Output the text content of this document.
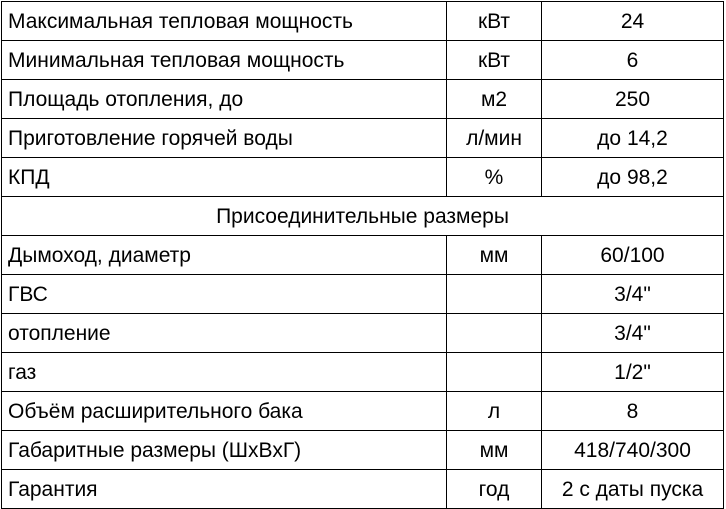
Максимальная тепловая мощность	кВт	24
Минимальная тепловая мощность	кВт	6
Площадь отопления, до	м2	250
Приготовление горячей воды	л/мин	до 14,2
КПД	%	до 98,2
Присоединительные размеры		
Дымоход, диаметр	мм	60/100
ГВС		3/4"
отопление		3/4"
газ		1/2"
Объём расширительного бака	л	8
Габаритные размеры (ШхВхГ)	мм	418/740/300
Гарантия	год	2 с даты пуска
